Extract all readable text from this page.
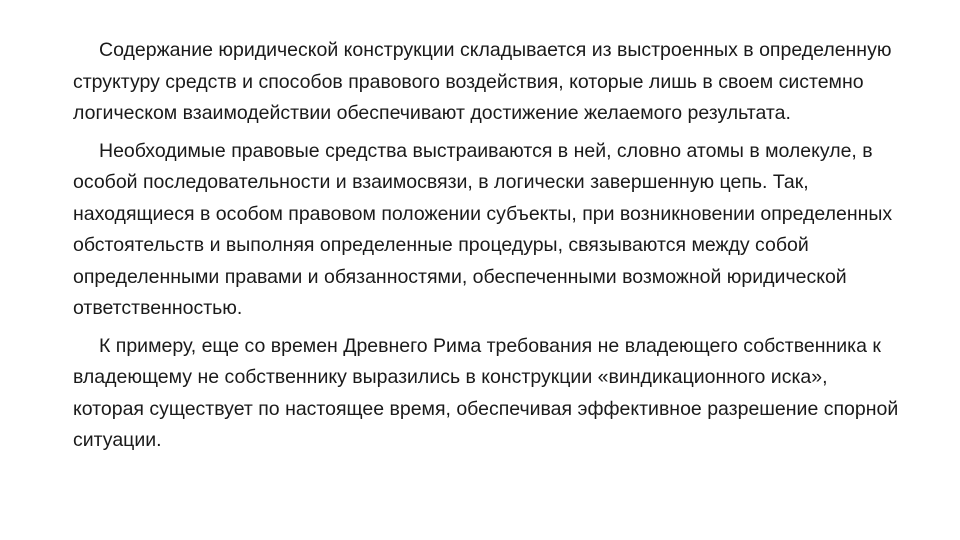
Содержание юридической конструкции складывается из выстроенных в определенную структуру средств и способов правового воздействия, которые лишь в своем системно логическом взаимодействии обеспечивают достижение желаемого результата.

Необходимые правовые средства выстраиваются в ней, словно атомы в молекуле, в особой последовательности и взаимосвязи, в логически завершенную цепь. Так, находящиеся в особом правовом положении субъекты, при возникновении определенных обстоятельств и выполняя определенные процедуры, связываются между собой определенными правами и обязанностями, обеспеченными возможной юридической ответственностью.

К примеру, еще со времен Древнего Рима требования не владеющего собственника к владеющему не собственнику выразились в конструкции «виндикационного иска», которая существует по настоящее время, обеспечивая эффективное разрешение спорной ситуации.
